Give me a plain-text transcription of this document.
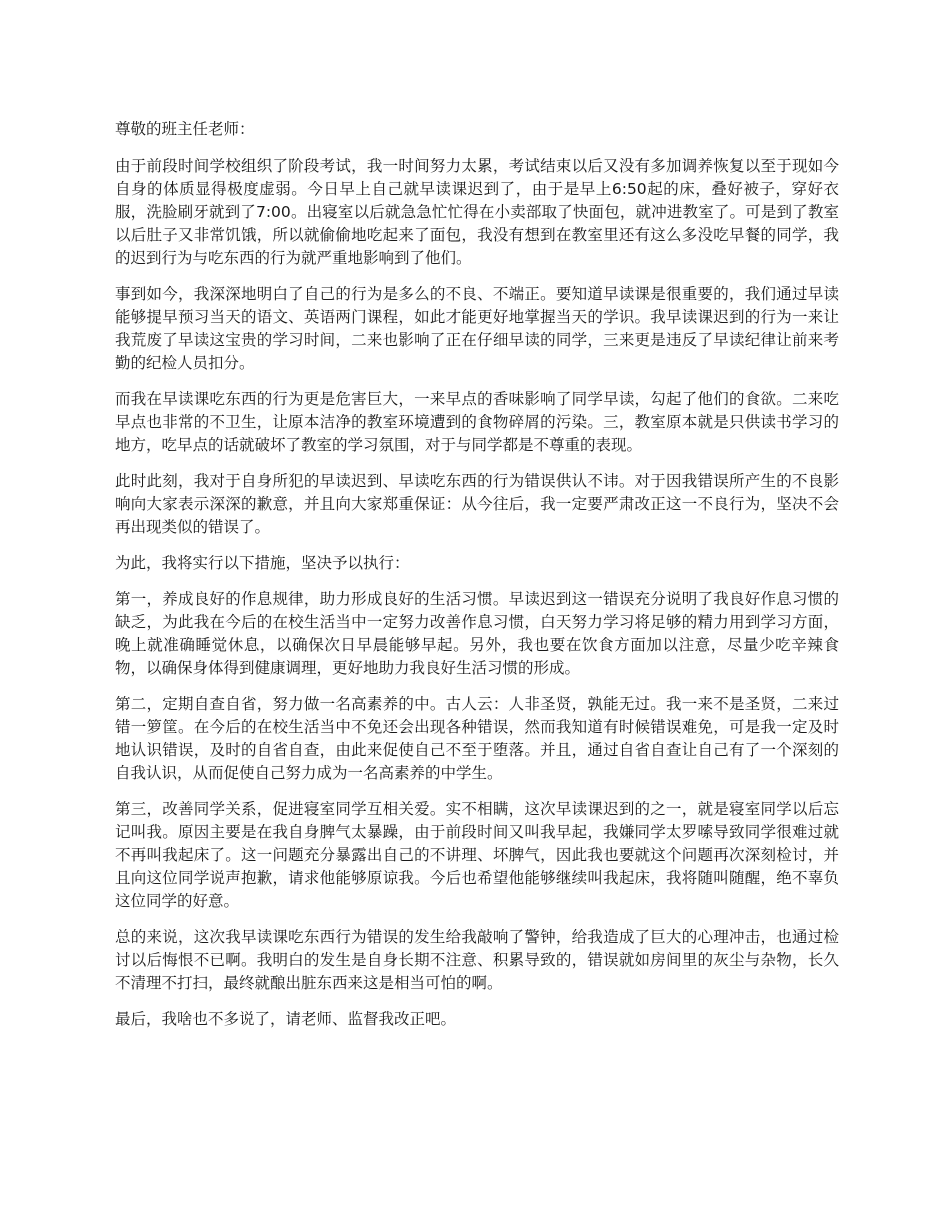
尊敬的班主任老师：

由于前段时间学校组织了阶段考试，我一时间努力太累，考试结束以后又没有多加调养恢复以至于现如今自身的体质显得极度虚弱。今日早上自己就早读课迟到了，由于是早上6:50起的床，叠好被子，穿好衣服，洗脸刷牙就到了7:00。出寝室以后就急急忙忙得在小卖部取了快面包，就冲进教室了。可是到了教室以后肚子又非常饥饿，所以就偷偷地吃起来了面包，我没有想到在教室里还有这么多没吃早餐的同学，我的迟到行为与吃东西的行为就严重地影响到了他们。

事到如今，我深深地明白了自己的行为是多么的不良、不端正。要知道早读课是很重要的，我们通过早读能够提早预习当天的语文、英语两门课程，如此才能更好地掌握当天的学识。我早读课迟到的行为一来让我荒废了早读这宝贵的学习时间，二来也影响了正在仔细早读的同学，三来更是违反了早读纪律让前来考勤的纪检人员扣分。

而我在早读课吃东西的行为更是危害巨大，一来早点的香味影响了同学早读，勾起了他们的食欲。二来吃早点也非常的不卫生，让原本洁净的教室环境遭到的食物碎屑的污染。三，教室原本就是只供读书学习的地方，吃早点的话就破坏了教室的学习氛围，对于与同学都是不尊重的表现。

此时此刻，我对于自身所犯的早读迟到、早读吃东西的行为错误供认不讳。对于因我错误所产生的不良影响向大家表示深深的歉意，并且向大家郑重保证：从今往后，我一定要严肃改正这一不良行为，坚决不会再出现类似的错误了。

为此，我将实行以下措施，坚决予以执行：

第一，养成良好的作息规律，助力形成良好的生活习惯。早读迟到这一错误充分说明了我良好作息习惯的缺乏，为此我在今后的在校生活当中一定努力改善作息习惯，白天努力学习将足够的精力用到学习方面，晚上就准确睡觉休息，以确保次日早晨能够早起。另外，我也要在饮食方面加以注意，尽量少吃辛辣食物，以确保身体得到健康调理，更好地助力我良好生活习惯的形成。

第二，定期自查自省，努力做一名高素养的中。古人云：人非圣贤，孰能无过。我一来不是圣贤，二来过错一箩筐。在今后的在校生活当中不免还会出现各种错误，然而我知道有时候错误难免，可是我一定及时地认识错误，及时的自省自查，由此来促使自己不至于堕落。并且，通过自省自查让自己有了一个深刻的自我认识，从而促使自己努力成为一名高素养的中学生。

第三，改善同学关系，促进寝室同学互相关爱。实不相瞒，这次早读课迟到的之一，就是寝室同学以后忘记叫我。原因主要是在我自身脾气太暴躁，由于前段时间又叫我早起，我嫌同学太罗嗦导致同学很难过就不再叫我起床了。这一问题充分暴露出自己的不讲理、坏脾气，因此我也要就这个问题再次深刻检讨，并且向这位同学说声抱歉，请求他能够原谅我。今后也希望他能够继续叫我起床，我将随叫随醒，绝不辜负这位同学的好意。

总的来说，这次我早读课吃东西行为错误的发生给我敲响了警钟，给我造成了巨大的心理冲击，也通过检讨以后悔恨不已啊。我明白的发生是自身长期不注意、积累导致的，错误就如房间里的灰尘与杂物，长久不清理不打扫，最终就酿出脏东西来这是相当可怕的啊。

最后，我啥也不多说了，请老师、监督我改正吧。
